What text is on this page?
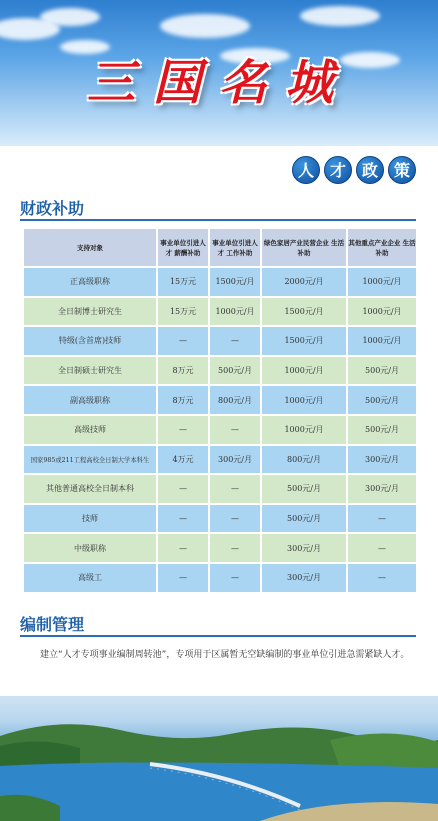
三国名城
人 才 政 策
财政补助
支持对象	事业单位引进人才 薪酬补助	事业单位引进人才 工作补助	绿色家居产业民营企业 生活补助	其他重点产业企业 生活补助
正高级职称	15万元	1500元/月	2000元/月	1000元/月
全日制博士研究生	15万元	1000元/月	1500元/月	1000元/月
特级(含首席)技师	—	—	1500元/月	1000元/月
全日制硕士研究生	8万元	500元/月	1000元/月	500元/月
副高级职称	8万元	800元/月	1000元/月	500元/月
高级技师	—	—	1000元/月	500元/月
国家985或211工程高校全日制大学本科生	4万元	300元/月	800元/月	300元/月
其他普通高校全日制本科	—	—	500元/月	300元/月
技师	—	—	500元/月	—
中级职称	—	—	300元/月	—
高级工	—	—	300元/月	—
编制管理
建立“人才专项事业编制周转池”，专项用于区属暂无空缺编制的事业单位引进急需紧缺人才。
